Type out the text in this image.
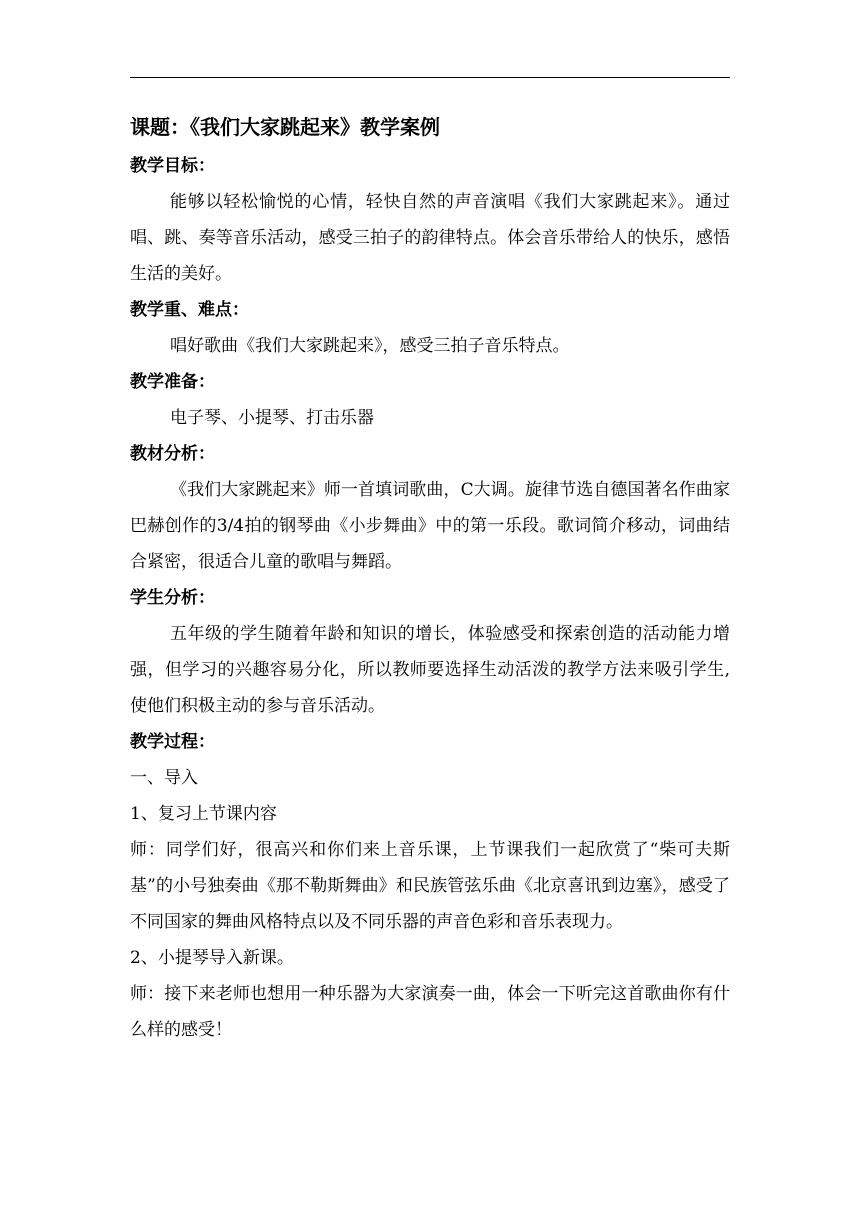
课题：《我们大家跳起来》教学案例
教学目标：
能够以轻松愉悦的心情，轻快自然的声音演唱《我们大家跳起来》。通过唱、跳、奏等音乐活动，感受三拍子的韵律特点。体会音乐带给人的快乐，感悟生活的美好。
教学重、难点：
唱好歌曲《我们大家跳起来》，感受三拍子音乐特点。
教学准备：
电子琴、小提琴、打击乐器
教材分析：
《我们大家跳起来》师一首填词歌曲，C大调。旋律节选自德国著名作曲家巴赫创作的3/4拍的钢琴曲《小步舞曲》中的第一乐段。歌词简介移动，词曲结合紧密，很适合儿童的歌唱与舞蹈。
学生分析：
五年级的学生随着年龄和知识的增长，体验感受和探索创造的活动能力增强，但学习的兴趣容易分化，所以教师要选择生动活泼的教学方法来吸引学生,使他们积极主动的参与音乐活动。
教学过程：
一、导入
1、复习上节课内容
师：同学们好，很高兴和你们来上音乐课，上节课我们一起欣赏了“柴可夫斯基”的小号独奏曲《那不勒斯舞曲》和民族管弦乐曲《北京喜讯到边塞》，感受了不同国家的舞曲风格特点以及不同乐器的声音色彩和音乐表现力。
2、小提琴导入新课。
师：接下来老师也想用一种乐器为大家演奏一曲，体会一下听完这首歌曲你有什么样的感受！
